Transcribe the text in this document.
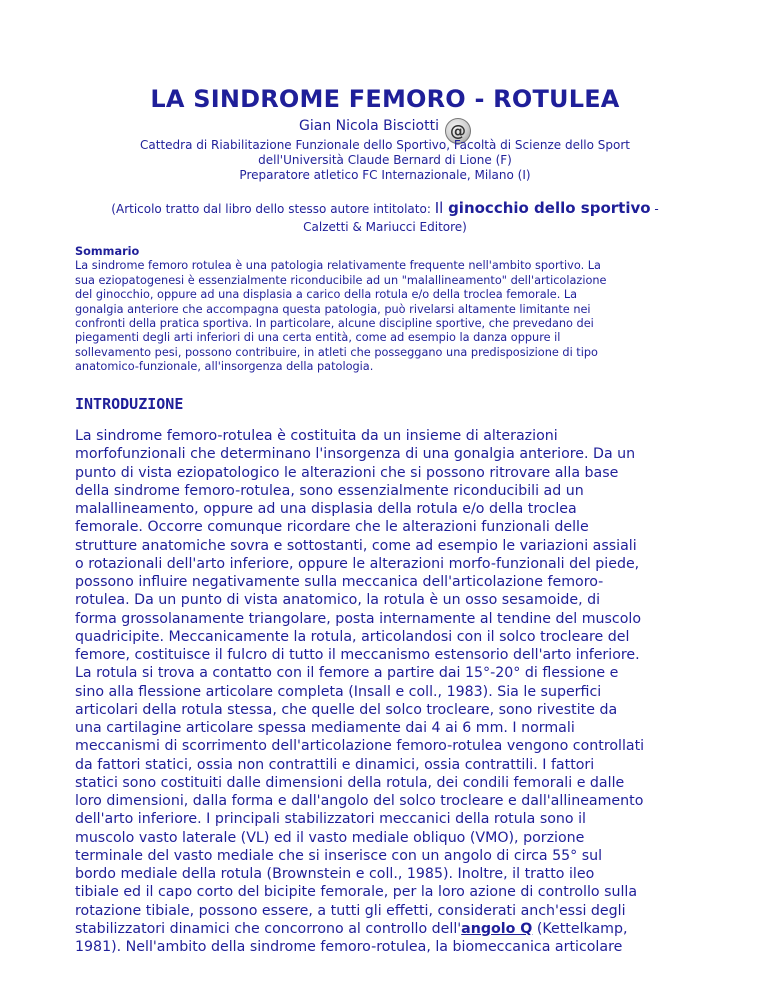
LA SINDROME FEMORO - ROTULEA
Gian Nicola Bisciotti @
Cattedra di Riabilitazione Funzionale dello Sportivo, Facoltà di Scienze dello Sport
dell'Università Claude Bernard di Lione (F)
Preparatore atletico FC Internazionale, Milano (I)
(Articolo tratto dal libro dello stesso autore intitolato: Il ginocchio dello sportivo -
Calzetti & Mariucci Editore)
Sommario
La sindrome femoro rotulea è una patologia relativamente frequente nell'ambito sportivo. La
sua eziopatogenesi è essenzialmente riconducibile ad un "malallineamento" dell'articolazione
del ginocchio, oppure ad una displasia a carico della rotula e/o della troclea femorale. La
gonalgia anteriore che accompagna questa patologia, può rivelarsi altamente limitante nei
confronti della pratica sportiva. In particolare, alcune discipline sportive, che prevedano dei
piegamenti degli arti inferiori di una certa entità, come ad esempio la danza oppure il
sollevamento pesi, possono contribuire, in atleti che posseggano una predisposizione di tipo
anatomico-funzionale, all'insorgenza della patologia.
INTRODUZIONE
La sindrome femoro-rotulea è costituita da un insieme di alterazioni
morfofunzionali che determinano l'insorgenza di una gonalgia anteriore. Da un
punto di vista eziopatologico le alterazioni che si possono ritrovare alla base
della sindrome femoro-rotulea, sono essenzialmente riconducibili ad un
malallineamento, oppure ad una displasia della rotula e/o della troclea
femorale. Occorre comunque ricordare che le alterazioni funzionali delle
strutture anatomiche sovra e sottostanti, come ad esempio le variazioni assiali
o rotazionali dell'arto inferiore, oppure le alterazioni morfo-funzionali del piede,
possono influire negativamente sulla meccanica dell'articolazione femoro-
rotulea. Da un punto di vista anatomico, la rotula è un osso sesamoide, di
forma grossolanamente triangolare, posta internamente al tendine del muscolo
quadricipite. Meccanicamente la rotula, articolandosi con il solco trocleare del
femore, costituisce il fulcro di tutto il meccanismo estensorio dell'arto inferiore.
La rotula si trova a contatto con il femore a partire dai 15°-20° di flessione e
sino alla flessione articolare completa (Insall e coll., 1983). Sia le superfici
articolari della rotula stessa, che quelle del solco trocleare, sono rivestite da
una cartilagine articolare spessa mediamente dai 4 ai 6 mm. I normali
meccanismi di scorrimento dell'articolazione femoro-rotulea vengono controllati
da fattori statici, ossia non contrattili e dinamici, ossia contrattili. I fattori
statici sono costituiti dalle dimensioni della rotula, dei condili femorali e dalle
loro dimensioni, dalla forma e dall'angolo del solco trocleare e dall'allineamento
dell'arto inferiore. I principali stabilizzatori meccanici della rotula sono il
muscolo vasto laterale (VL) ed il vasto mediale obliquo (VMO), porzione
terminale del vasto mediale che si inserisce con un angolo di circa 55° sul
bordo mediale della rotula (Brownstein e coll., 1985). Inoltre, il tratto ileo
tibiale ed il capo corto del bicipite femorale, per la loro azione di controllo sulla
rotazione tibiale, possono essere, a tutti gli effetti, considerati anch'essi degli
stabilizzatori dinamici che concorrono al controllo dell'angolo Q (Kettelkamp,
1981). Nell'ambito della sindrome femoro-rotulea, la biomeccanica articolare
